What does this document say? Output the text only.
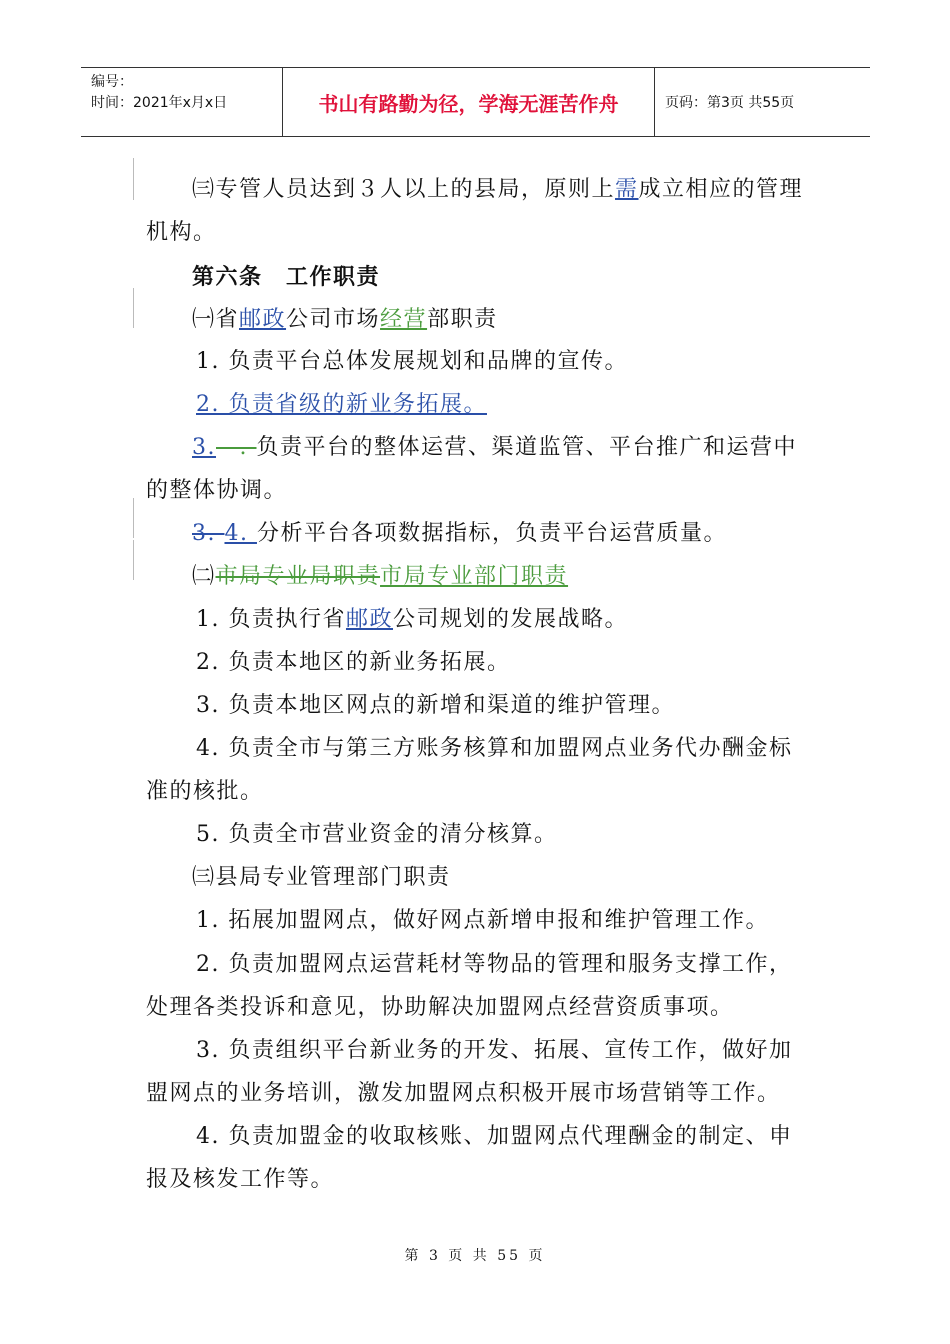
编号：
时间：2021年x月x日	书山有路勤为径，学海无涯苦作舟	页码：第3页 共55页
㈢专管人员达到３人以上的县局，原则上需成立相应的管理
机构。
第六条　工作职责
㈠省邮政公司市场经营部职责
1. 负责平台总体发展规划和品牌的宣传。
2. 负责省级的新业务拓展。
3.—. 负责平台的整体运营、渠道监管、平台推广和运营中
的整体协调。
3. 4. 分析平台各项数据指标，负责平台运营质量。
㈡市局专业局职责市局专业部门职责
1. 负责执行省邮政公司规划的发展战略。
2. 负责本地区的新业务拓展。
3. 负责本地区网点的新增和渠道的维护管理。
4. 负责全市与第三方账务核算和加盟网点业务代办酬金标
准的核批。
5. 负责全市营业资金的清分核算。
㈢县局专业管理部门职责
1. 拓展加盟网点，做好网点新增申报和维护管理工作。
2. 负责加盟网点运营耗材等物品的管理和服务支撑工作，
处理各类投诉和意见，协助解决加盟网点经营资质事项。
3. 负责组织平台新业务的开发、拓展、宣传工作，做好加
盟网点的业务培训，激发加盟网点积极开展市场营销等工作。
4. 负责加盟金的收取核账、加盟网点代理酬金的制定、申
报及核发工作等。
第 3 页 共 55 页
